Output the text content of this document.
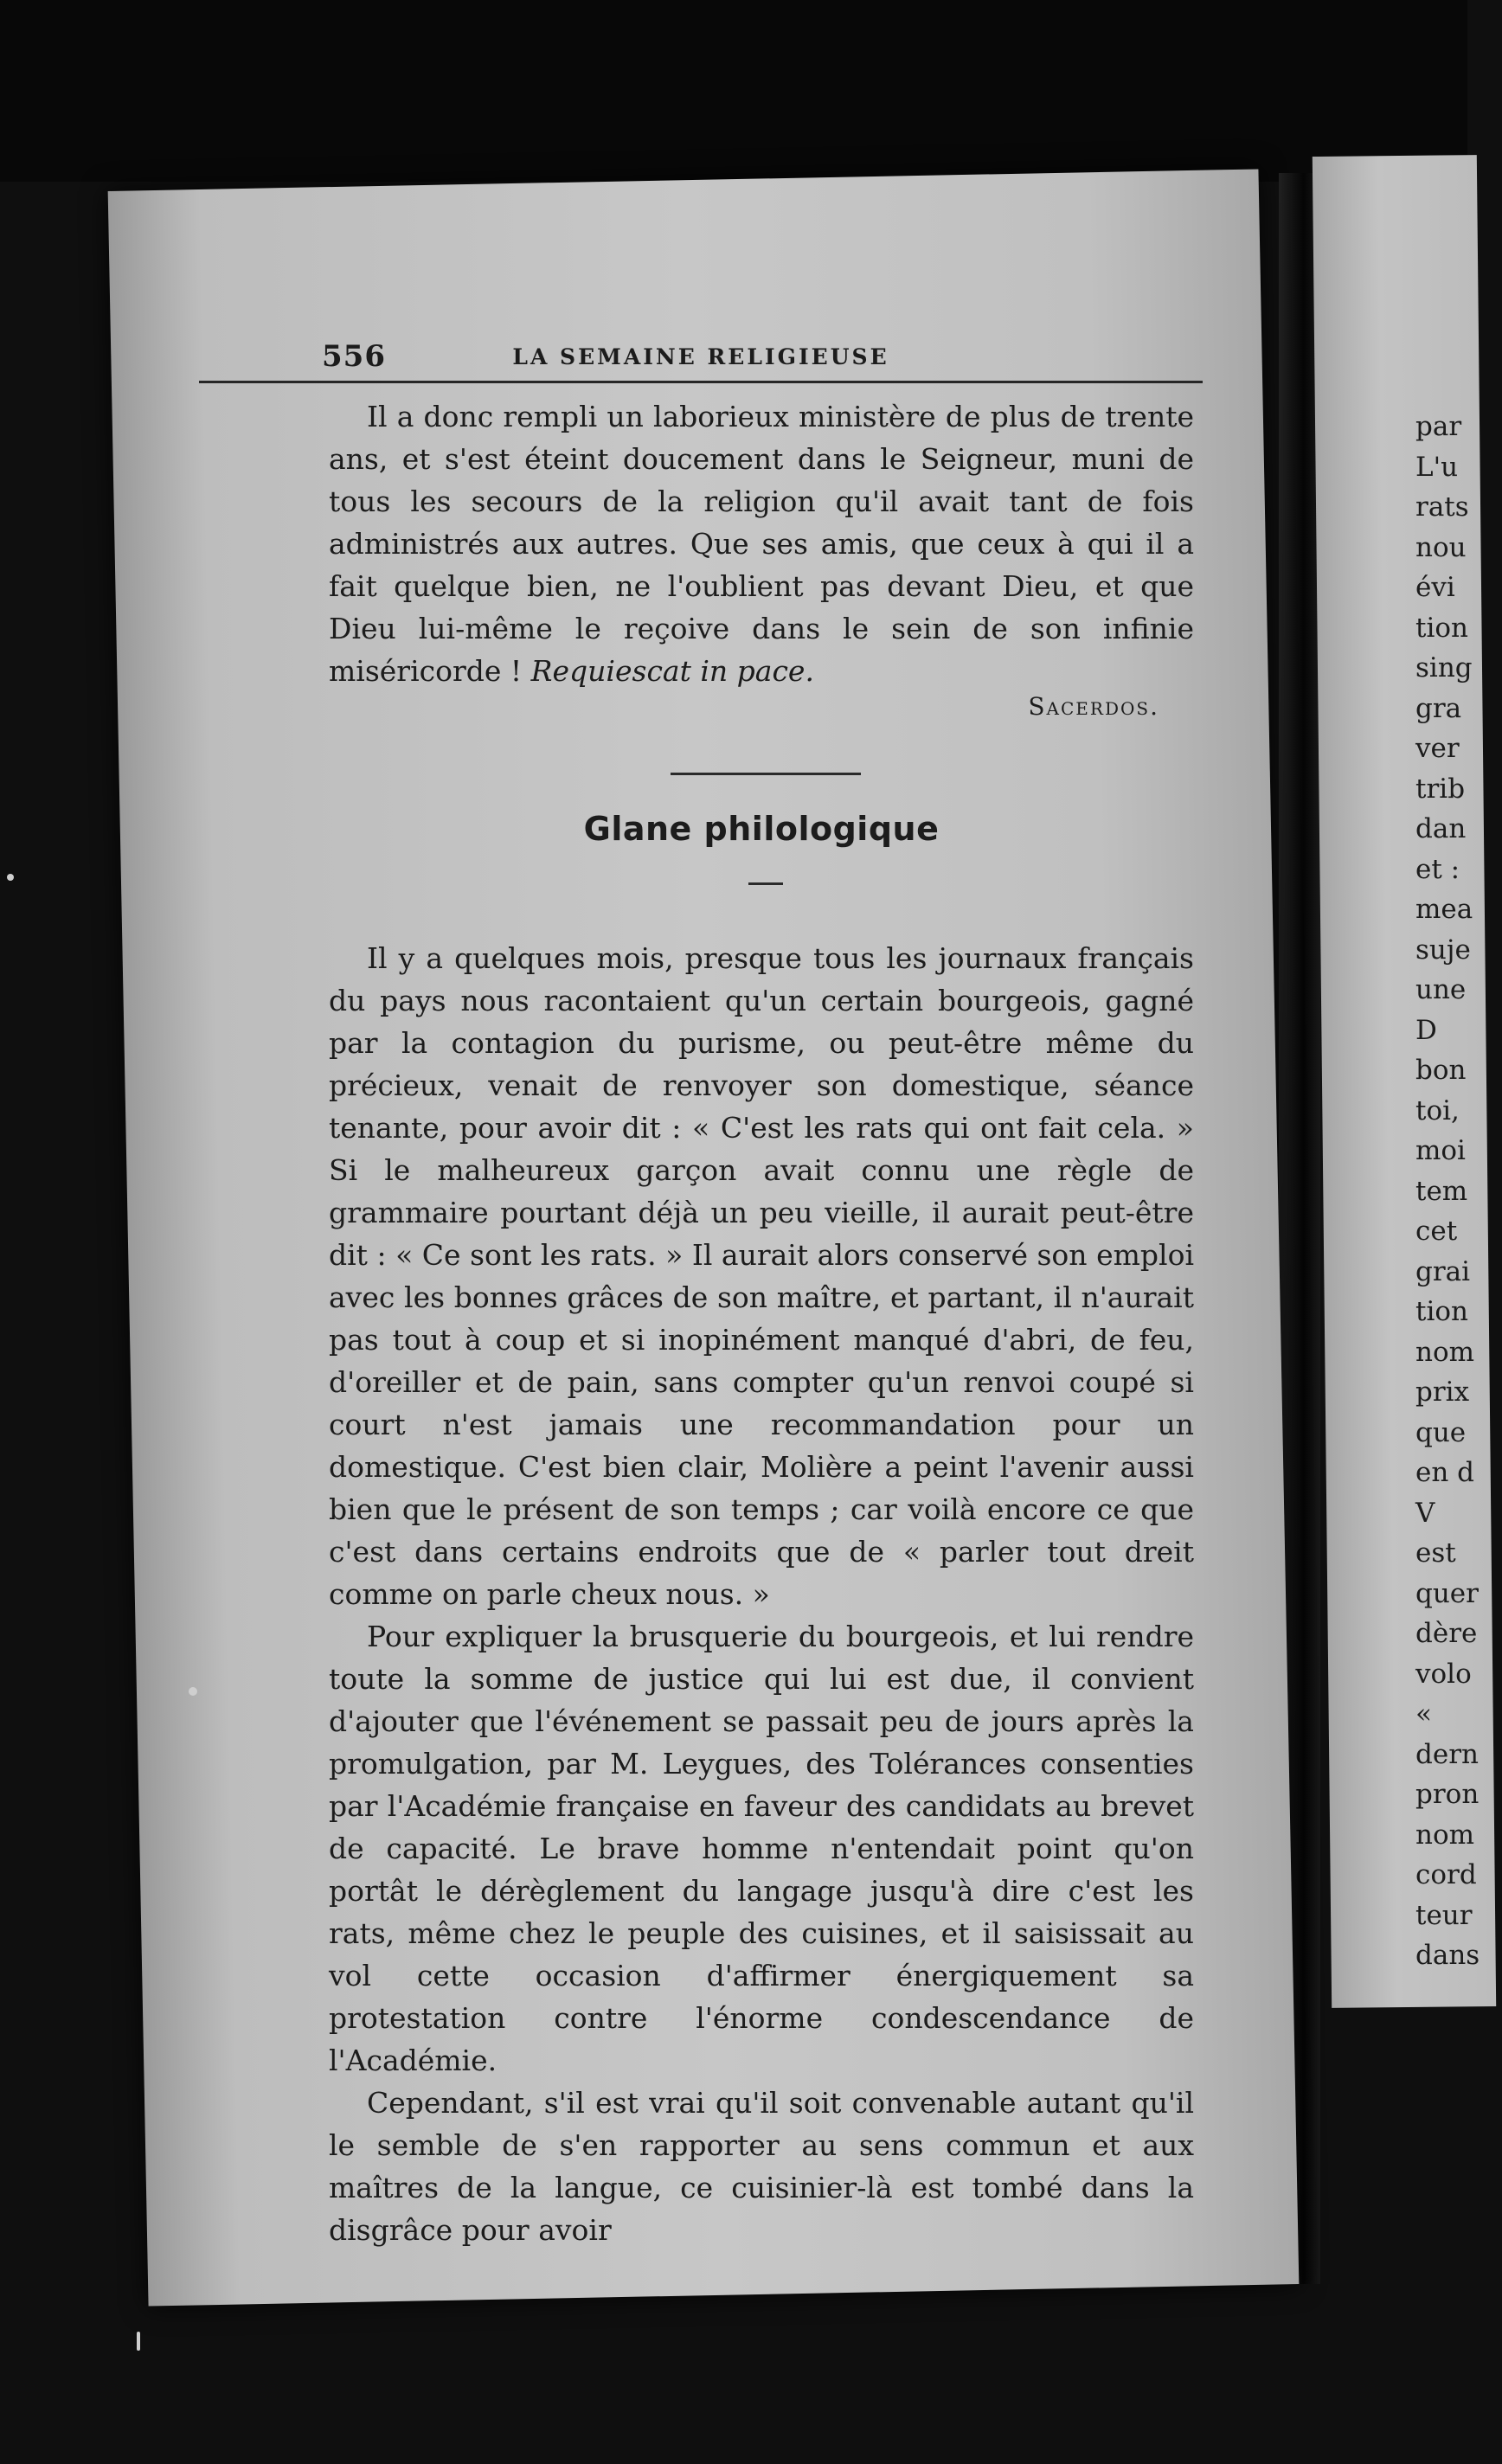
556	LA SEMAINE RELIGIEUSE

Il a donc rempli un laborieux ministère de plus de trente ans, et s'est éteint doucement dans le Seigneur, muni de tous les secours de la religion qu'il avait tant de fois administrés aux autres. Que ses amis, que ceux à qui il a fait quelque bien, ne l'oublient pas devant Dieu, et que Dieu lui-même le reçoive dans le sein de son infinie miséricorde ! Requiescat in pace.

Sacerdos.
Glane philologique

Il y a quelques mois, presque tous les journaux français du pays nous racontaient qu'un certain bourgeois, gagné par la contagion du purisme, ou peut-être même du précieux, venait de renvoyer son domestique, séance tenante, pour avoir dit : « C'est les rats qui ont fait cela. » Si le malheureux garçon avait connu une règle de grammaire pourtant déjà un peu vieille, il aurait peut-être dit : « Ce sont les rats. » Il aurait alors conservé son emploi avec les bonnes grâces de son maître, et partant, il n'aurait pas tout à coup et si inopinément manqué d'abri, de feu, d'oreiller et de pain, sans compter qu'un renvoi coupé si court n'est jamais une recommandation pour un domestique. C'est bien clair, Molière a peint l'avenir aussi bien que le présent de son temps ; car voilà encore ce que c'est dans certains endroits que de « parler tout dreit comme on parle cheux nous. »

Pour expliquer la brusquerie du bourgeois, et lui rendre toute la somme de justice qui lui est due, il convient d'ajouter que l'événement se passait peu de jours après la promulgation, par M. Leygues, des Tolérances consenties par l'Académie française en faveur des candidats au brevet de capacité. Le brave homme n'entendait point qu'on portât le dérèglement du langage jusqu'à dire c'est les rats, même chez le peuple des cuisines, et il saisissait au vol cette occasion d'affirmer énergiquement sa protestation contre l'énorme condescendance de l'Académie.

Cependant, s'il est vrai qu'il soit convenable autant qu'il le semble de s'en rapporter au sens commun et aux maîtres de la langue, ce cuisinier-là est tombé dans la disgrâce pour avoir

par
L'u
rats
nou
évi
tion
sing
gra
ver
trib
dan
et :
mea
suje
une
D
bon
toi,
moi
tem
cet
grai
tion
nom
prix
que
en d
V
est
quer
dère
volo
«
dern
pron
nom
cord
teur
dans
